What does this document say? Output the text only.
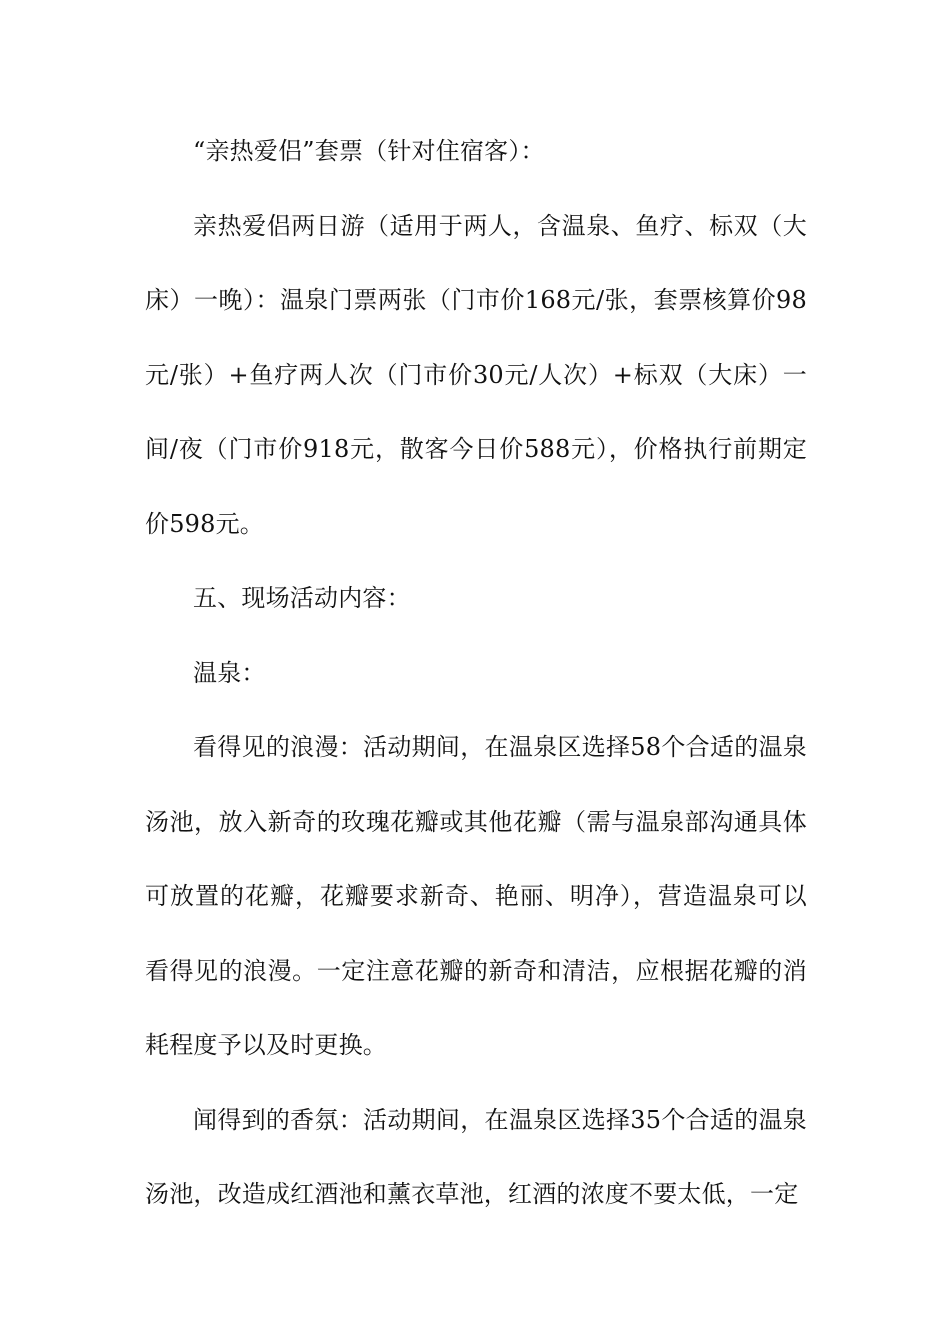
“亲热爱侣”套票（针对住宿客）：

亲热爱侣两日游（适用于两人，含温泉、鱼疗、标双（大床）一晚）：温泉门票两张（门市价168元/张，套票核算价98元/张）+鱼疗两人次（门市价30元/人次）+标双（大床）一间/夜（门市价918元，散客今日价588元），价格执行前期定价598元。

五、现场活动内容：

温泉：

看得见的浪漫：活动期间，在温泉区选择58个合适的温泉汤池，放入新奇的玫瑰花瓣或其他花瓣（需与温泉部沟通具体可放置的花瓣，花瓣要求新奇、艳丽、明净），营造温泉可以看得见的浪漫。一定注意花瓣的新奇和清洁，应根据花瓣的消耗程度予以及时更换。

闻得到的香氛：活动期间，在温泉区选择35个合适的温泉汤池，改造成红酒池和薰衣草池，红酒的浓度不要太低，一定
